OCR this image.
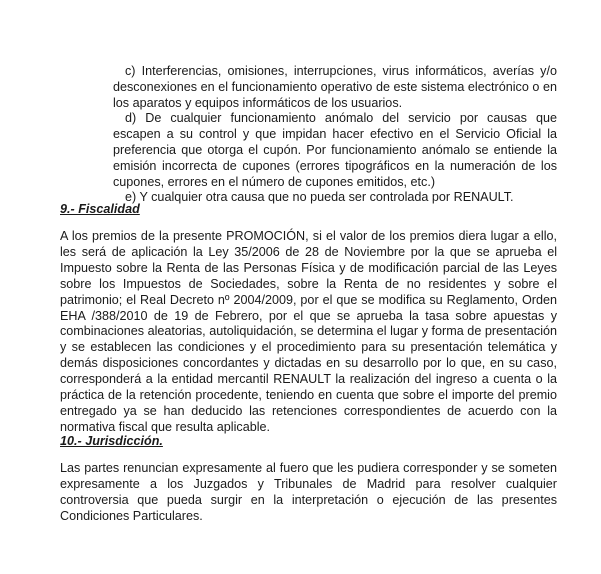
c) Interferencias, omisiones, interrupciones, virus informáticos, averías y/o desconexiones en el funcionamiento operativo de este sistema electrónico o en los aparatos y equipos informáticos de los usuarios.

d) De cualquier funcionamiento anómalo del servicio por causas que escapen a su control y que impidan hacer efectivo en el Servicio Oficial la preferencia que otorga el cupón. Por funcionamiento anómalo se entiende la emisión incorrecta de cupones (errores tipográficos en la numeración de los cupones, errores en el número de cupones emitidos, etc.)

e) Y cualquier otra causa que no pueda ser controlada por RENAULT.

9.- Fiscalidad

A los premios de la presente PROMOCIÓN, si el valor de los premios diera lugar a ello, les será de aplicación la Ley 35/2006 de 28 de Noviembre por la que se aprueba el Impuesto sobre la Renta de las Personas Física y de modificación parcial de las Leyes sobre los Impuestos de Sociedades, sobre la Renta de no residentes y sobre el patrimonio; el Real Decreto nº 2004/2009, por el que se modifica su Reglamento, Orden EHA /388/2010 de 19 de Febrero, por el que se aprueba la tasa sobre apuestas y combinaciones aleatorias, autoliquidación, se determina el lugar y forma de presentación y se establecen las condiciones y el procedimiento para su presentación telemática y demás disposiciones concordantes y dictadas en su desarrollo por lo que, en su caso, corresponderá a la entidad mercantil RENAULT la realización del ingreso a cuenta o la práctica de la retención procedente, teniendo en cuenta que sobre el importe del premio entregado ya se han deducido las retenciones correspondientes de acuerdo con la normativa fiscal que resulta aplicable.

10.- Jurisdicción.

Las partes renuncian expresamente al fuero que les pudiera corresponder y se someten expresamente a los Juzgados y Tribunales de Madrid para resolver cualquier controversia que pueda surgir en la interpretación o ejecución de las presentes Condiciones Particulares.
